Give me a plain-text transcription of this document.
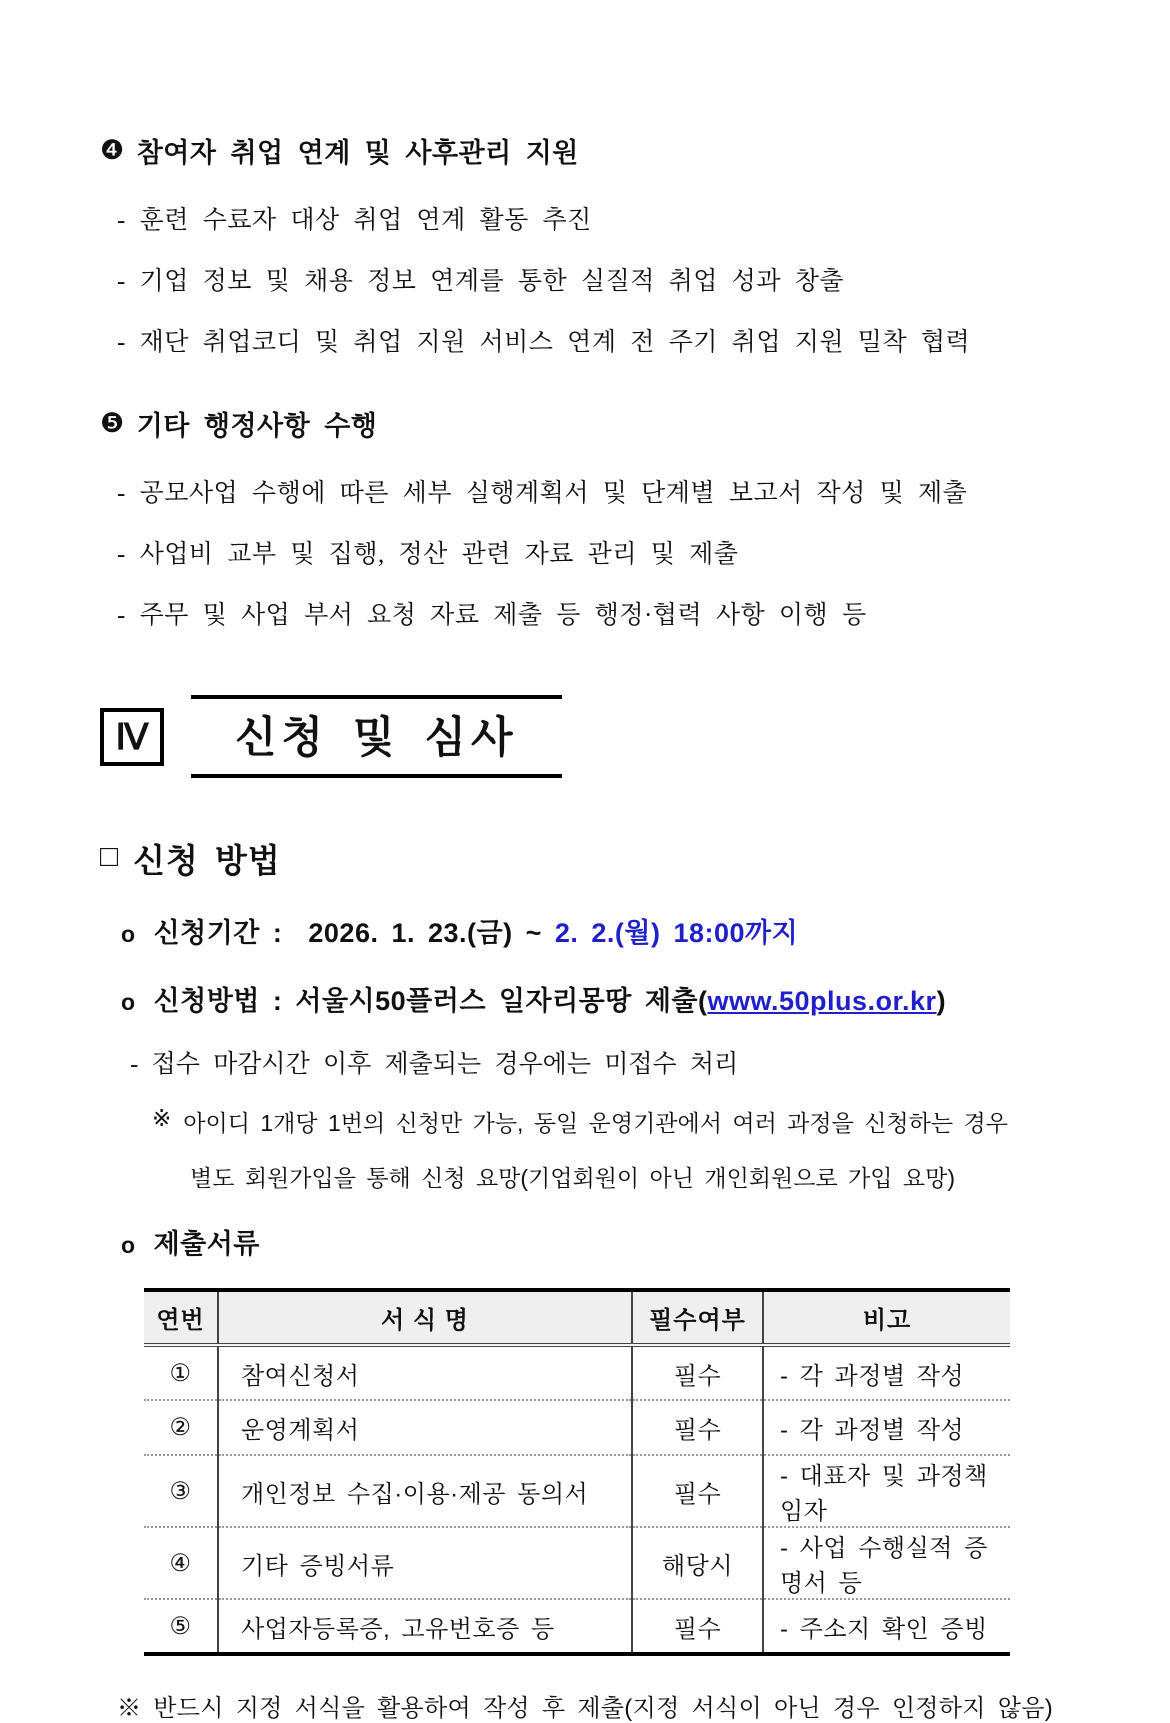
❹ 참여자 취업 연계 및 사후관리 지원
- 훈련 수료자 대상 취업 연계 활동 추진
- 기업 정보 및 채용 정보 연계를 통한 실질적 취업 성과 창출
- 재단 취업코디 및 취업 지원 서비스 연계 전 주기 취업 지원 밀착 협력
❺ 기타 행정사항 수행
- 공모사업 수행에 따른 세부 실행계획서 및 단계별 보고서 작성 및 제출
- 사업비 교부 및 집행, 정산 관련 자료 관리 및 제출
- 주무 및 사업 부서 요청 자료 제출 등 행정·협력 사항 이행 등
Ⅳ	신청 및 심사
□ 신청 방법
o 신청기간 :  2026. 1. 23.(금) ~ 2. 2.(월) 18:00까지
o 신청방법 : 서울시50플러스 일자리몽땅 제출(www.50plus.or.kr)
- 접수 마감시간 이후 제출되는 경우에는 미접수 처리
※ 아이디 1개당 1번의 신청만 가능, 동일 운영기관에서 여러 과정을 신청하는 경우
별도 회원가입을 통해 신청 요망(기업회원이 아닌 개인회원으로 가입 요망)
o 제출서류
연번	서 식 명	필수여부	비고
①	참여신청서	필수	- 각 과정별 작성
②	운영계획서	필수	- 각 과정별 작성
③	개인정보 수집·이용·제공 동의서	필수	- 대표자 및 과정책임자
④	기타 증빙서류	해당시	- 사업 수행실적 증명서 등
⑤	사업자등록증, 고유번호증 등	필수	- 주소지 확인 증빙
※ 반드시 지정 서식을 활용하여 작성 후 제출(지정 서식이 아닌 경우 인정하지 않음)
